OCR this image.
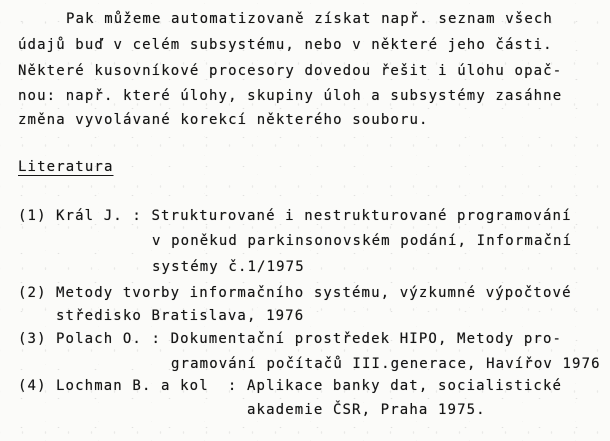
Pak můžeme automatizovaně získat např. seznam všech
údajů buď v celém subsystému, nebo v některé jeho části.
Některé kusovníkové procesory dovedou řešit i úlohu opač-
nou: např. které úlohy, skupiny úloh a subsystémy zasáhne
změna vyvolávané korekcí některého souboru.
Literatura
(1) Král J. : Strukturované i nestrukturované programování
v poněkud parkinsonovském podání, Informační
systémy č.1/1975
(2) Metody tvorby informačního systému, výzkumné výpočtové
středisko Bratislava, 1976
(3) Polach O. : Dokumentační prostředek HIPO, Metody pro-
gramování počítačů III.generace, Havířov 1976
(4) Lochman B. a kol  : Aplikace banky dat, socialistické
akademie ČSR, Praha 1975.
